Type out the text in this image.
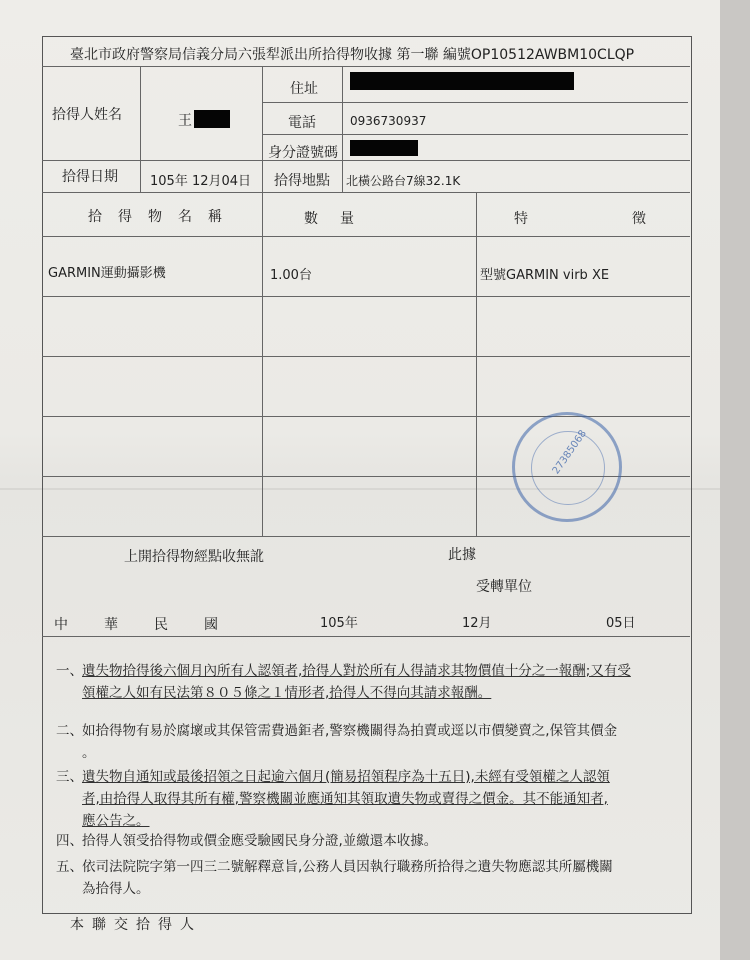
臺北市政府警察局信義分局六張犁派出所拾得物收據 第一聯 編號OP10512AWBM10CLQP
拾得人姓名	王
住址
電話	0936730937
身分證號碼
拾得日期 105年 12月04日 拾得地點 北橫公路台7線32.1K
拾得物名稱	數量	特徵
GARMIN運動攝影機	1.00台	型號GARMIN virb XE
27385068
上開拾得物經點收無訛	此據
受轉單位
中華民國	105年	12月	05日
一、遺失物拾得後六個月內所有人認領者,拾得人對於所有人得請求其物價值十分之一報酬;又有受
領權之人如有民法第８０５條之１情形者,拾得人不得向其請求報酬。
二、如拾得物有易於腐壞或其保管需費過鉅者,警察機關得為拍賣或逕以市價變賣之,保管其價金
。
三、遺失物自通知或最後招領之日起逾六個月(簡易招領程序為十五日),未經有受領權之人認領
者,由拾得人取得其所有權,警察機關並應通知其領取遺失物或賣得之價金。其不能通知者,
應公告之。
四、拾得人領受拾得物或價金應受驗國民身分證,並繳還本收據。
五、依司法院院字第一四三二號解釋意旨,公務人員因執行職務所拾得之遺失物應認其所屬機關
為拾得人。
本聯交拾得人
